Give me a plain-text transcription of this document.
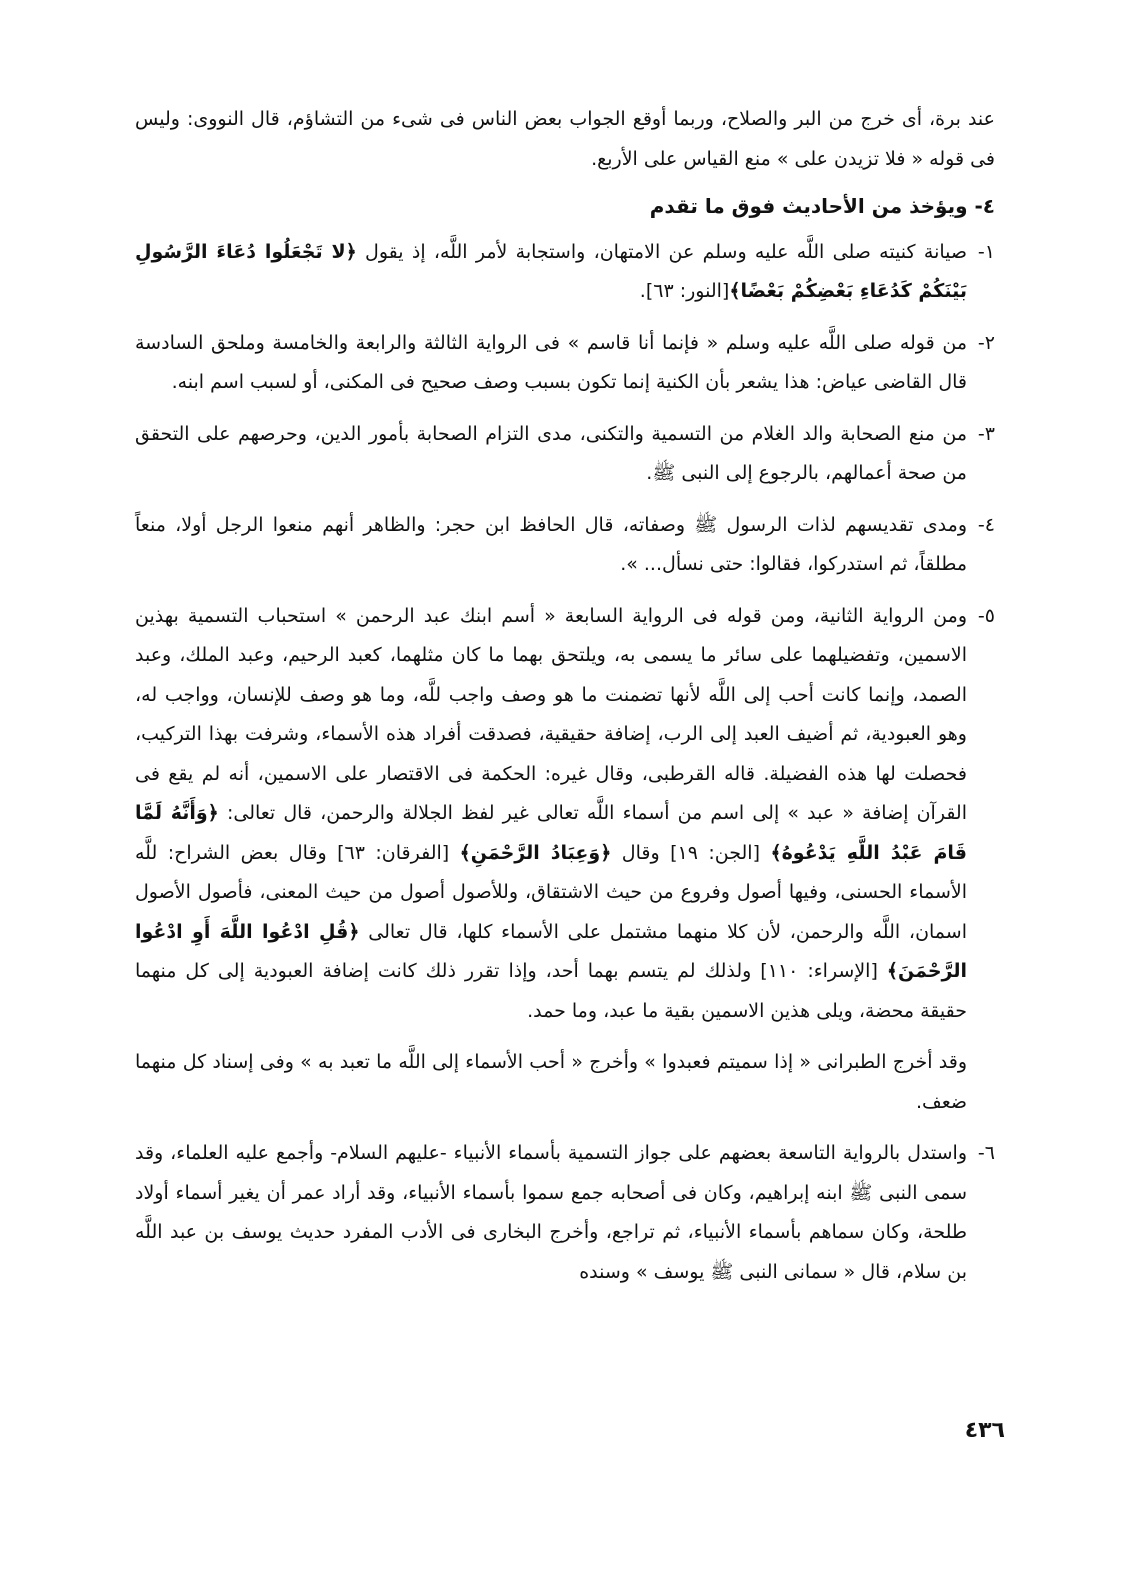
عند برة، أى خرج من البر والصلاح، وربما أوقع الجواب بعض الناس فى شىء من التشاؤم، قال النووى: وليس فى قوله « فلا تزيدن على » منع القياس على الأربع.

٤- ويؤخذ من الأحاديث فوق ما تقدم

١-
صيانة كنيته صلى اللَّه عليه وسلم عن الامتهان، واستجابة لأمر اللَّه، إذ يقول ﴿لا تَجْعَلُوا دُعَاءَ الرَّسُولِ بَيْنَكُمْ كَدُعَاءِ بَعْضِكُمْ بَعْضًا﴾[النور: ٦٣].

٢-
من قوله صلى اللَّه عليه وسلم « فإنما أنا قاسم » فى الرواية الثالثة والرابعة والخامسة وملحق السادسة قال القاضى عياض: هذا يشعر بأن الكنية إنما تكون بسبب وصف صحيح فى المكنى، أو لسبب اسم ابنه.

٣-
من منع الصحابة والد الغلام من التسمية والتكنى، مدى التزام الصحابة بأمور الدين، وحرصهم على التحقق من صحة أعمالهم، بالرجوع إلى النبى ﷺ.

٤-
ومدى تقديسهم لذات الرسول ﷺ وصفاته، قال الحافظ ابن حجر: والظاهر أنهم منعوا الرجل أولا، منعاً مطلقاً، ثم استدركوا، فقالوا: حتى نسأل... ».

٥-
ومن الرواية الثانية، ومن قوله فى الرواية السابعة « أسم ابنك عبد الرحمن » استحباب التسمية بهذين الاسمين، وتفضيلهما على سائر ما يسمى به، ويلتحق بهما ما كان مثلهما، كعبد الرحيم، وعبد الملك، وعبد الصمد، وإنما كانت أحب إلى اللَّه لأنها تضمنت ما هو وصف واجب للَّه، وما هو وصف للإنسان، وواجب له، وهو العبودية، ثم أضيف العبد إلى الرب، إضافة حقيقية، فصدقت أفراد هذه الأسماء، وشرفت بهذا التركيب، فحصلت لها هذه الفضيلة. قاله القرطبى، وقال غيره: الحكمة فى الاقتصار على الاسمين، أنه لم يقع فى القرآن إضافة « عبد » إلى اسم من أسماء اللَّه تعالى غير لفظ الجلالة والرحمن، قال تعالى: ﴿وَأَنَّهُ لَمَّا قَامَ عَبْدُ اللَّهِ يَدْعُوهُ﴾ [الجن: ١٩] وقال ﴿وَعِبَادُ الرَّحْمَنِ﴾ [الفرقان: ٦٣] وقال بعض الشراح: للَّه الأسماء الحسنى، وفيها أصول وفروع من حيث الاشتقاق، وللأصول أصول من حيث المعنى، فأصول الأصول اسمان، اللَّه والرحمن، لأن كلا منهما مشتمل على الأسماء كلها، قال تعالى ﴿قُلِ ادْعُوا اللَّهَ أَوِ ادْعُوا الرَّحْمَنَ﴾ [الإسراء: ١١٠] ولذلك لم يتسم بهما أحد، وإذا تقرر ذلك كانت إضافة العبودية إلى كل منهما حقيقة محضة، ويلى هذين الاسمين بقية ما عبد، وما حمد.

وقد أخرج الطبرانى « إذا سميتم فعبدوا » وأخرج « أحب الأسماء إلى اللَّه ما تعبد به » وفى إسناد كل منهما ضعف.

٦-
واستدل بالرواية التاسعة بعضهم على جواز التسمية بأسماء الأنبياء -عليهم السلام- وأجمع عليه العلماء، وقد سمى النبى ﷺ ابنه إبراهيم، وكان فى أصحابه جمع سموا بأسماء الأنبياء، وقد أراد عمر أن يغير أسماء أولاد طلحة، وكان سماهم بأسماء الأنبياء، ثم تراجع، وأخرج البخارى فى الأدب المفرد حديث يوسف بن عبد اللَّه بن سلام، قال « سمانى النبى ﷺ يوسف » وسنده

٤٣٦
